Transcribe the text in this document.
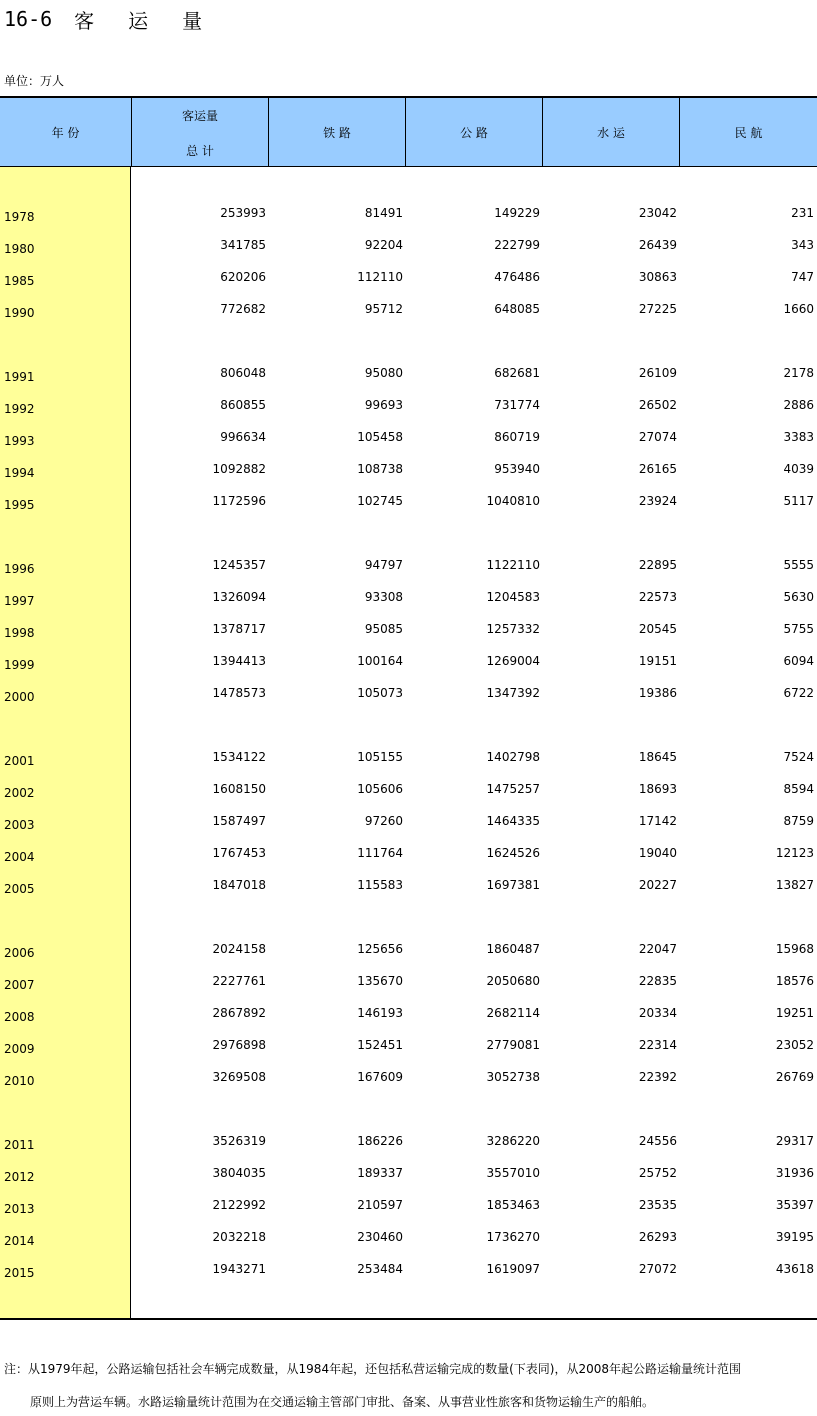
16-6 客 运 量
单位：万人
年 份
客运量
总 计
铁 路	公 路	水 运	民 航
1978	253993	81491	149229	23042	231
1980	341785	92204	222799	26439	343
1985	620206	112110	476486	30863	747
1990	772682	95712	648085	27225	1660
1991	806048	95080	682681	26109	2178
1992	860855	99693	731774	26502	2886
1993	996634	105458	860719	27074	3383
1994	1092882	108738	953940	26165	4039
1995	1172596	102745	1040810	23924	5117
1996	1245357	94797	1122110	22895	5555
1997	1326094	93308	1204583	22573	5630
1998	1378717	95085	1257332	20545	5755
1999	1394413	100164	1269004	19151	6094
2000	1478573	105073	1347392	19386	6722
2001	1534122	105155	1402798	18645	7524
2002	1608150	105606	1475257	18693	8594
2003	1587497	97260	1464335	17142	8759
2004	1767453	111764	1624526	19040	12123
2005	1847018	115583	1697381	20227	13827
2006	2024158	125656	1860487	22047	15968
2007	2227761	135670	2050680	22835	18576
2008	2867892	146193	2682114	20334	19251
2009	2976898	152451	2779081	22314	23052
2010	3269508	167609	3052738	22392	26769
2011	3526319	186226	3286220	24556	29317
2012	3804035	189337	3557010	25752	31936
2013	2122992	210597	1853463	23535	35397
2014	2032218	230460	1736270	26293	39195
2015	1943271	253484	1619097	27072	43618
注：从1979年起，公路运输包括社会车辆完成数量，从1984年起，还包括私营运输完成的数量(下表同)，从2008年起公路运输量统计范围
原则上为营运车辆。水路运输量统计范围为在交通运输主管部门审批、备案、从事营业性旅客和货物运输生产的船舶。
